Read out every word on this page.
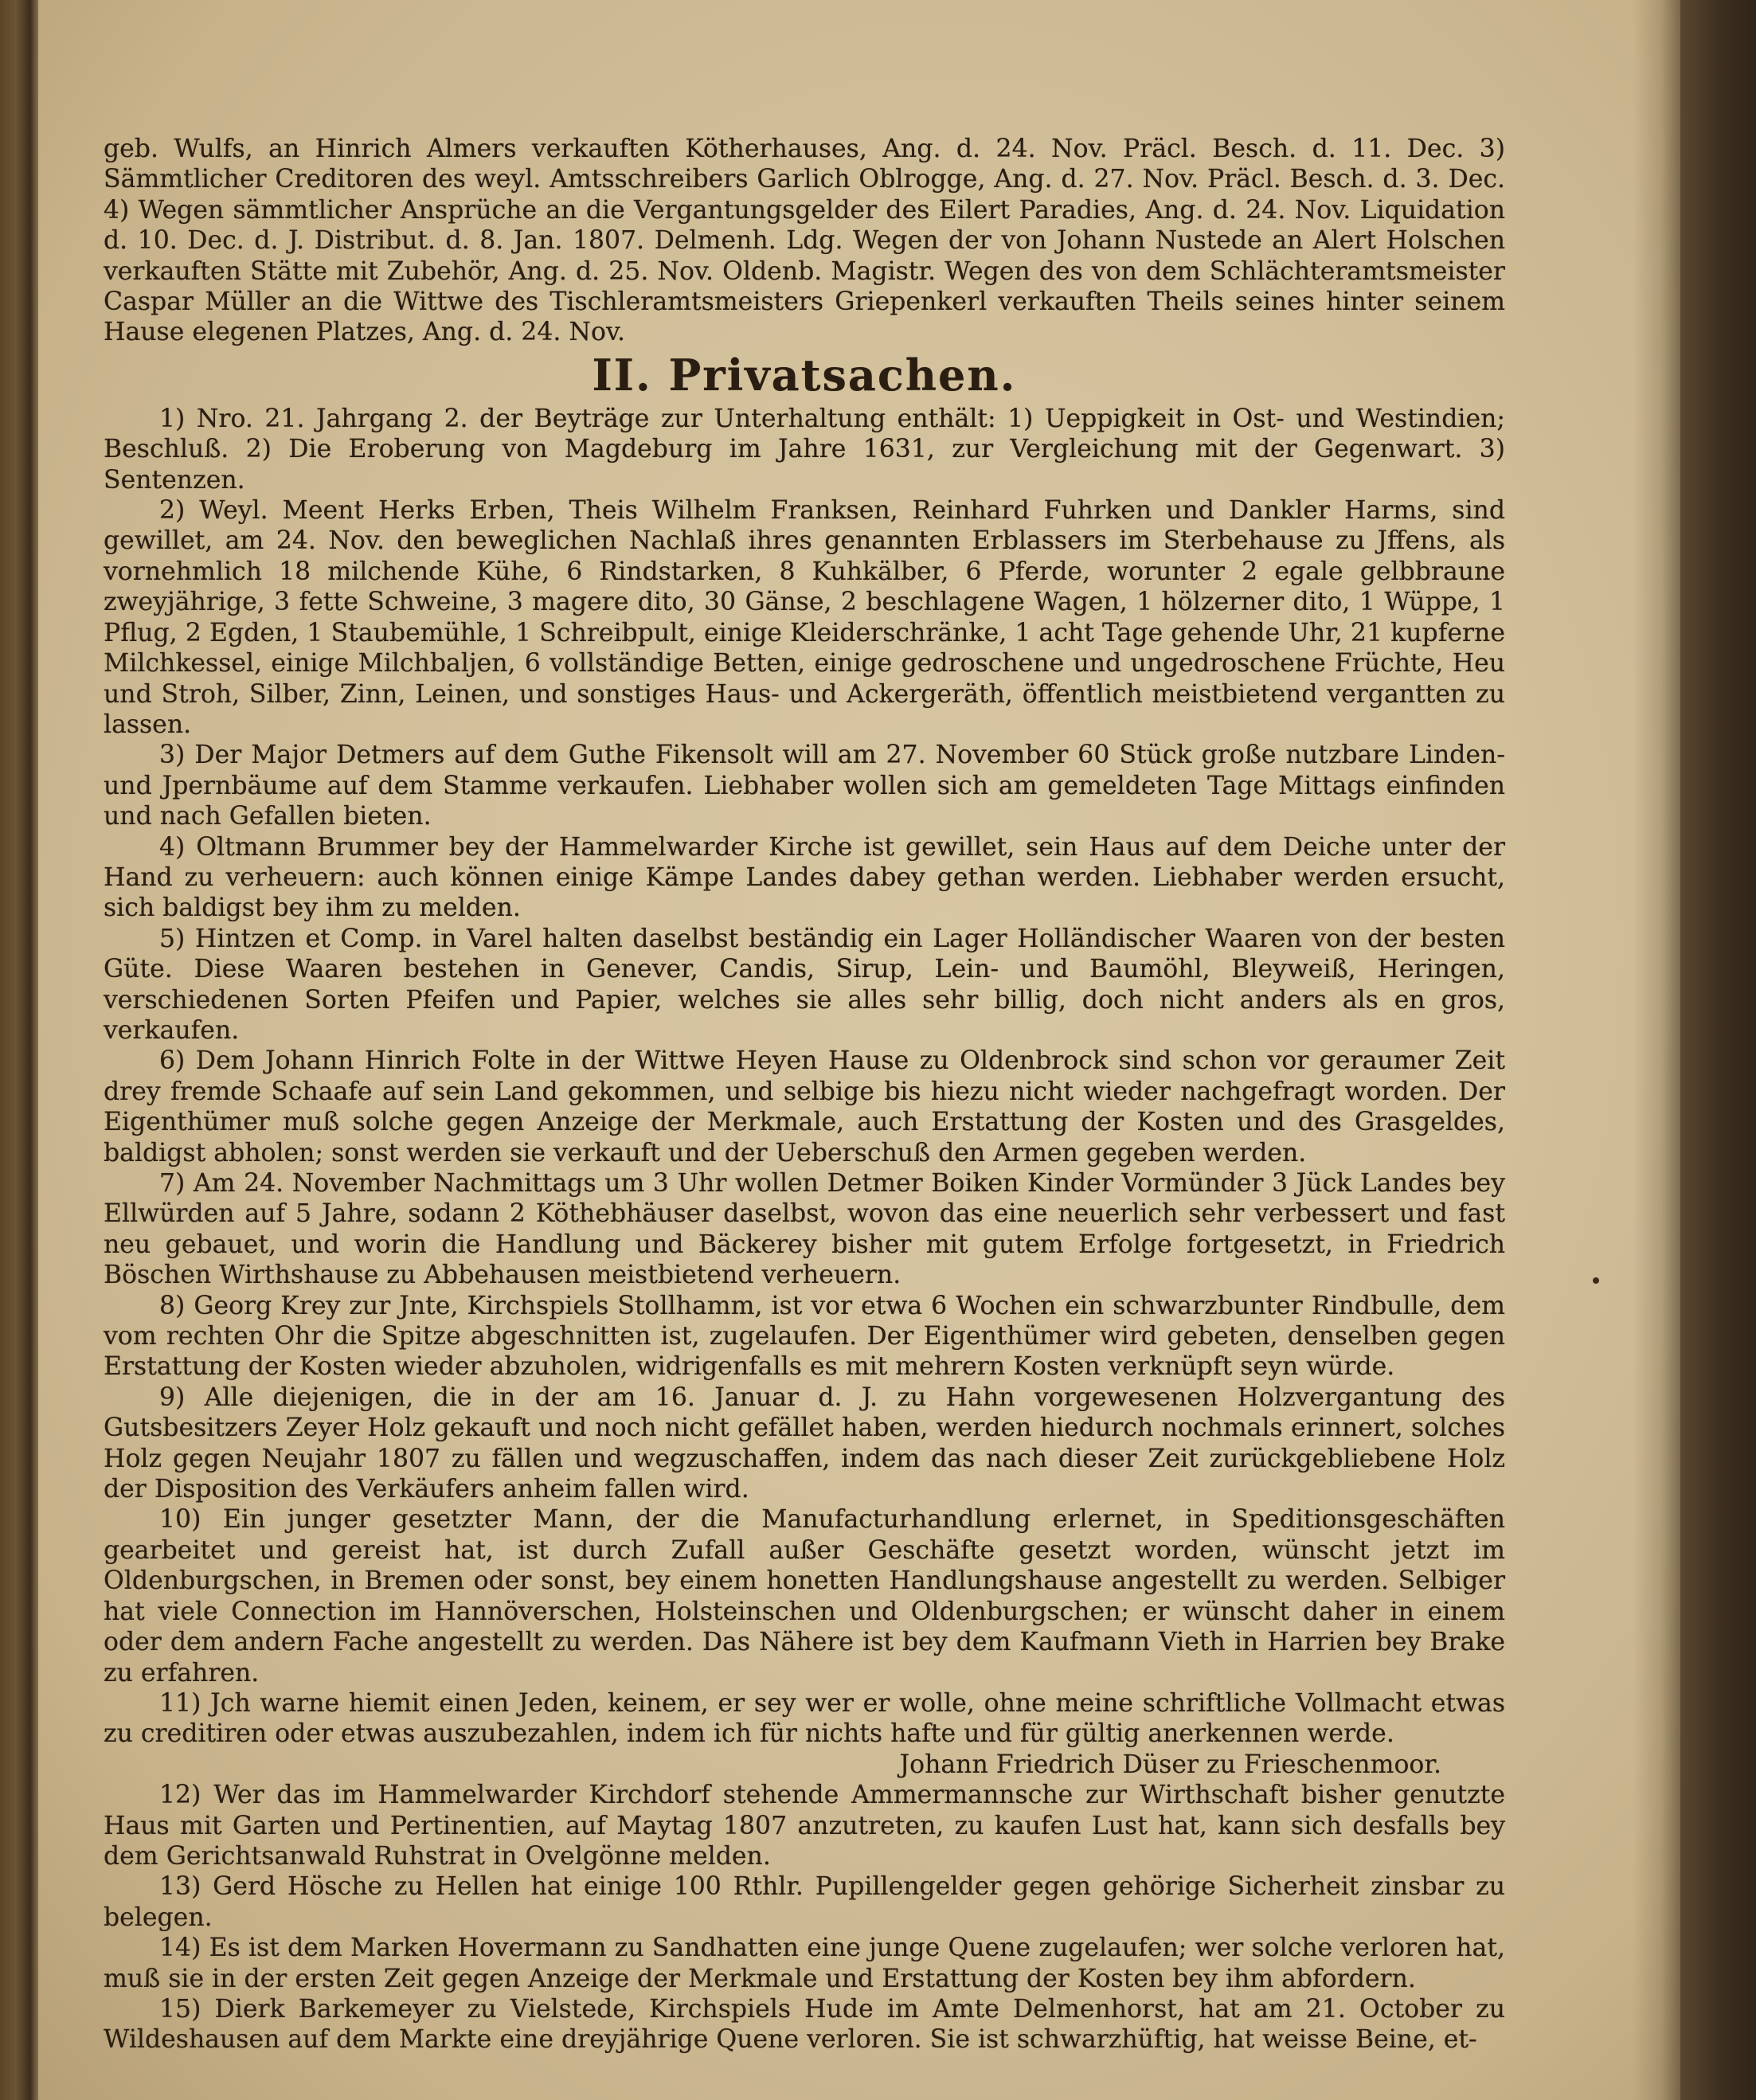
geb. Wulfs, an Hinrich Almers verkauften Kötherhauses, Ang. d. 24. Nov. Präcl. Besch. d. 11. Dec. 3) Sämmtlicher Creditoren des weyl. Amtsschreibers Garlich Oblrogge, Ang. d. 27. Nov. Präcl. Besch. d. 3. Dec. 4) Wegen sämmtlicher Ansprüche an die Vergantungsgelder des Eilert Paradies, Ang. d. 24. Nov. Liquidation d. 10. Dec. d. J. Distribut. d. 8. Jan. 1807. Delmenh. Ldg. Wegen der von Johann Nustede an Alert Holschen verkauften Stätte mit Zubehör, Ang. d. 25. Nov. Oldenb. Magistr. Wegen des von dem Schlächteramtsmeister Caspar Müller an die Wittwe des Tischleramtsmeisters Griepenkerl verkauften Theils seines hinter seinem Hause elegenen Platzes, Ang. d. 24. Nov.

II. Privatsachen.

1) Nro. 21. Jahrgang 2. der Beyträge zur Unterhaltung enthält: 1) Ueppigkeit in Ost- und Westindien; Beschluß. 2) Die Eroberung von Magdeburg im Jahre 1631, zur Vergleichung mit der Gegenwart. 3) Sentenzen.

2) Weyl. Meent Herks Erben, Theis Wilhelm Franksen, Reinhard Fuhrken und Dankler Harms, sind gewillet, am 24. Nov. den beweglichen Nachlaß ihres genannten Erblassers im Sterbehause zu Jffens, als vornehmlich 18 milchende Kühe, 6 Rindstarken, 8 Kuhkälber, 6 Pferde, worunter 2 egale gelbbraune zweyjährige, 3 fette Schweine, 3 magere dito, 30 Gänse, 2 beschlagene Wagen, 1 hölzerner dito, 1 Wüppe, 1 Pflug, 2 Egden, 1 Staubemühle, 1 Schreibpult, einige Kleiderschränke, 1 acht Tage gehende Uhr, 21 kupferne Milchkessel, einige Milchbaljen, 6 vollständige Betten, einige gedroschene und ungedroschene Früchte, Heu und Stroh, Silber, Zinn, Leinen, und sonstiges Haus- und Ackergeräth, öffentlich meistbietend vergantten zu lassen.

3) Der Major Detmers auf dem Guthe Fikensolt will am 27. November 60 Stück große nutzbare Linden- und Jpernbäume auf dem Stamme verkaufen. Liebhaber wollen sich am gemeldeten Tage Mittags einfinden und nach Gefallen bieten.

4) Oltmann Brummer bey der Hammelwarder Kirche ist gewillet, sein Haus auf dem Deiche unter der Hand zu verheuern: auch können einige Kämpe Landes dabey gethan werden. Liebhaber werden ersucht, sich baldigst bey ihm zu melden.

5) Hintzen et Comp. in Varel halten daselbst beständig ein Lager Holländischer Waaren von der besten Güte. Diese Waaren bestehen in Genever, Candis, Sirup, Lein- und Baumöhl, Bleyweiß, Heringen, verschiedenen Sorten Pfeifen und Papier, welches sie alles sehr billig, doch nicht anders als en gros, verkaufen.

6) Dem Johann Hinrich Folte in der Wittwe Heyen Hause zu Oldenbrock sind schon vor geraumer Zeit drey fremde Schaafe auf sein Land gekommen, und selbige bis hiezu nicht wieder nachgefragt worden. Der Eigenthümer muß solche gegen Anzeige der Merkmale, auch Erstattung der Kosten und des Grasgeldes, baldigst abholen; sonst werden sie verkauft und der Ueberschuß den Armen gegeben werden.

7) Am 24. November Nachmittags um 3 Uhr wollen Detmer Boiken Kinder Vormünder 3 Jück Landes bey Ellwürden auf 5 Jahre, sodann 2 Köthebhäuser daselbst, wovon das eine neuerlich sehr verbessert und fast neu gebauet, und worin die Handlung und Bäckerey bisher mit gutem Erfolge fortgesetzt, in Friedrich Böschen Wirthshause zu Abbehausen meistbietend verheuern.

8) Georg Krey zur Jnte, Kirchspiels Stollhamm, ist vor etwa 6 Wochen ein schwarzbunter Rindbulle, dem vom rechten Ohr die Spitze abgeschnitten ist, zugelaufen. Der Eigenthümer wird gebeten, denselben gegen Erstattung der Kosten wieder abzuholen, widrigenfalls es mit mehrern Kosten verknüpft seyn würde.

9) Alle diejenigen, die in der am 16. Januar d. J. zu Hahn vorgewesenen Holzvergantung des Gutsbesitzers Zeyer Holz gekauft und noch nicht gefället haben, werden hiedurch nochmals erinnert, solches Holz gegen Neujahr 1807 zu fällen und wegzuschaffen, indem das nach dieser Zeit zurückgebliebene Holz der Disposition des Verkäufers anheim fallen wird.

10) Ein junger gesetzter Mann, der die Manufacturhandlung erlernet, in Speditionsgeschäften gearbeitet und gereist hat, ist durch Zufall außer Geschäfte gesetzt worden, wünscht jetzt im Oldenburgschen, in Bremen oder sonst, bey einem honetten Handlungshause angestellt zu werden. Selbiger hat viele Connection im Hannöverschen, Holsteinschen und Oldenburgschen; er wünscht daher in einem oder dem andern Fache angestellt zu werden. Das Nähere ist bey dem Kaufmann Vieth in Harrien bey Brake zu erfahren.

11) Jch warne hiemit einen Jeden, keinem, er sey wer er wolle, ohne meine schriftliche Vollmacht etwas zu creditiren oder etwas auszubezahlen, indem ich für nichts hafte und für gültig anerkennen werde.

Johann Friedrich Düser zu Frieschenmoor.

12) Wer das im Hammelwarder Kirchdorf stehende Ammermannsche zur Wirthschaft bisher genutzte Haus mit Garten und Pertinentien, auf Maytag 1807 anzutreten, zu kaufen Lust hat, kann sich desfalls bey dem Gerichtsanwald Ruhstrat in Ovelgönne melden.

13) Gerd Hösche zu Hellen hat einige 100 Rthlr. Pupillengelder gegen gehörige Sicherheit zinsbar zu belegen.

14) Es ist dem Marken Hovermann zu Sandhatten eine junge Quene zugelaufen; wer solche verloren hat, muß sie in der ersten Zeit gegen Anzeige der Merkmale und Erstattung der Kosten bey ihm abfordern.

15) Dierk Barkemeyer zu Vielstede, Kirchspiels Hude im Amte Delmenhorst, hat am 21. October zu Wildeshausen auf dem Markte eine dreyjährige Quene verloren. Sie ist schwarzhüftig, hat weisse Beine, et-
